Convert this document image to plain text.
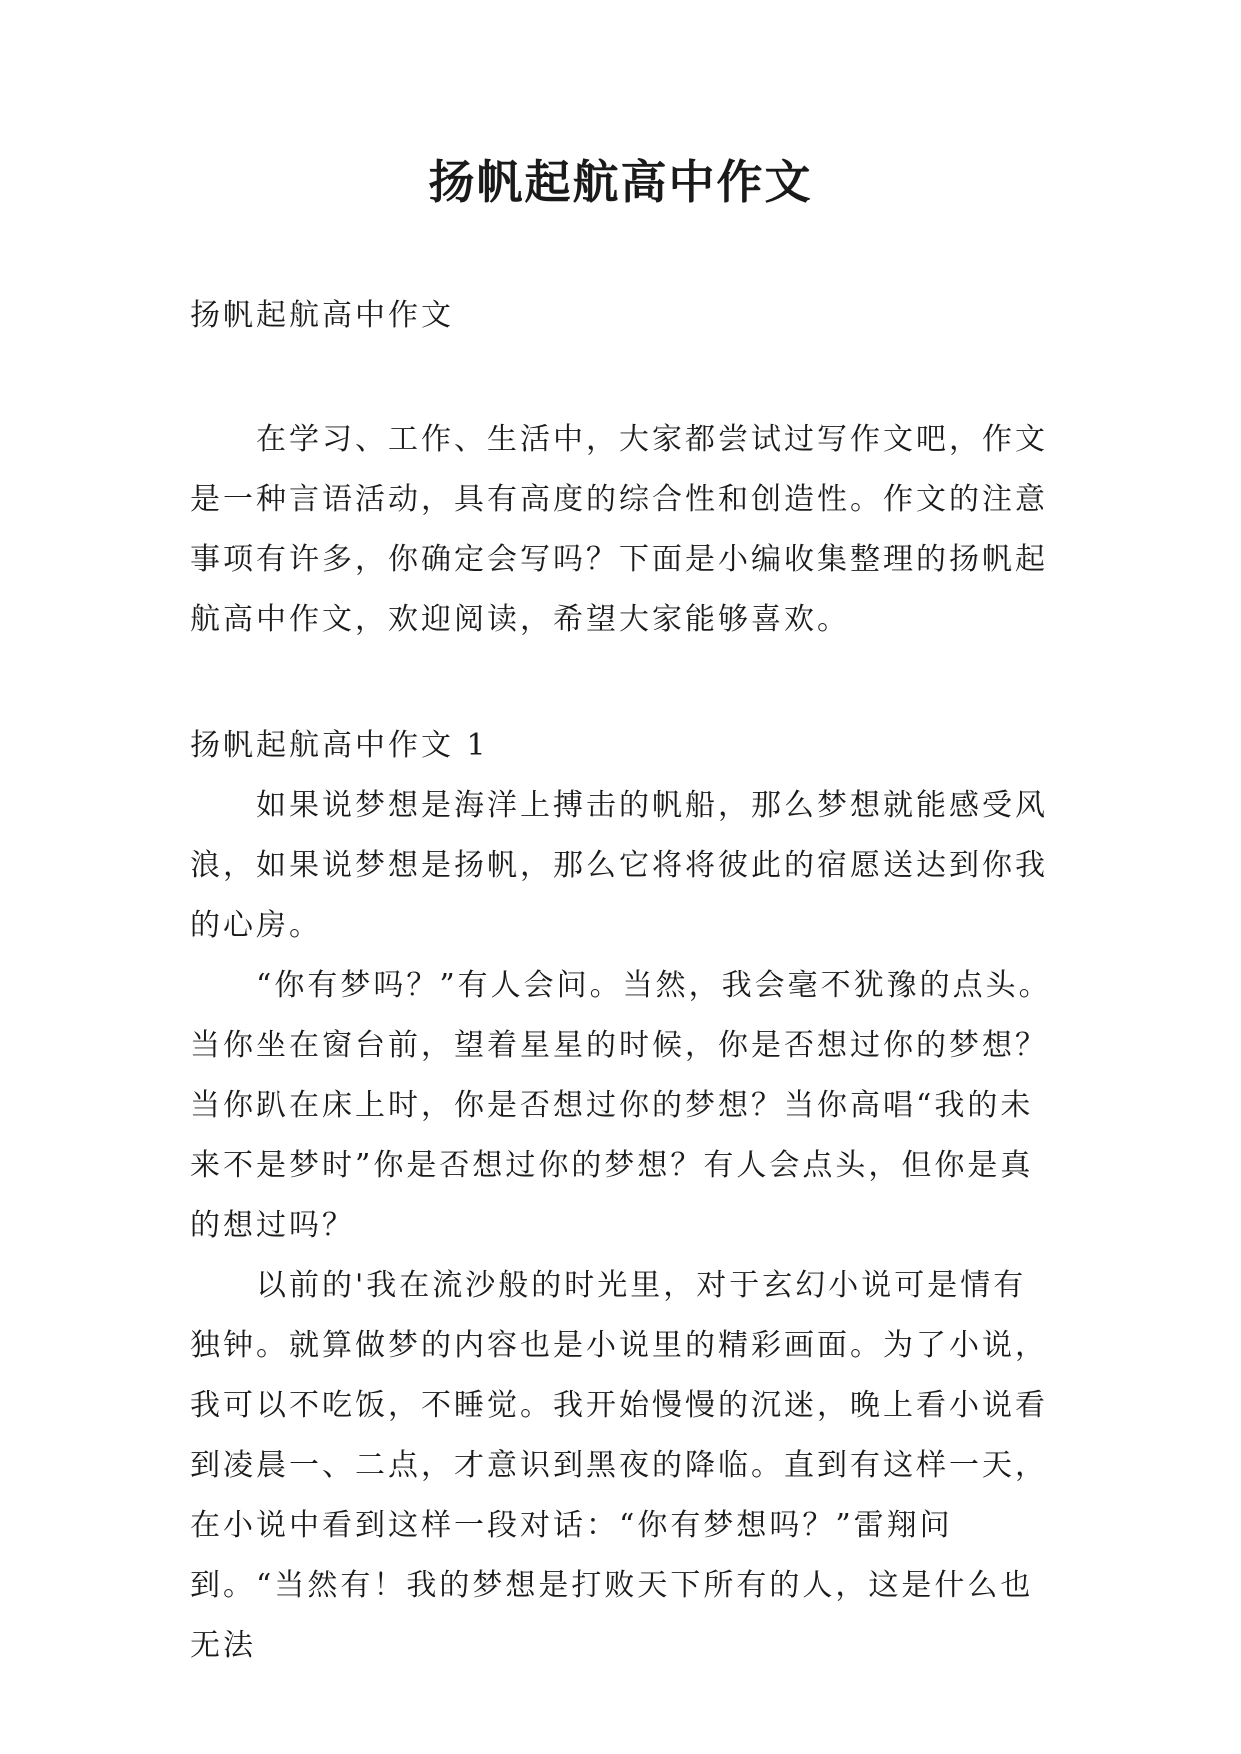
扬帆起航高中作文

扬帆起航高中作文

在学习、工作、生活中，大家都尝试过写作文吧，作文是一种言语活动，具有高度的综合性和创造性。作文的注意事项有许多，你确定会写吗？下面是小编收集整理的扬帆起航高中作文，欢迎阅读，希望大家能够喜欢。

扬帆起航高中作文 1

如果说梦想是海洋上搏击的帆船，那么梦想就能感受风浪，如果说梦想是扬帆，那么它将将彼此的宿愿送达到你我的心房。

“你有梦吗？”有人会问。当然，我会毫不犹豫的点头。当你坐在窗台前，望着星星的时候，你是否想过你的梦想？当你趴在床上时，你是否想过你的梦想？当你高唱“我的未来不是梦时”你是否想过你的梦想？有人会点头，但你是真的想过吗？

以前的'我在流沙般的时光里，对于玄幻小说可是情有独钟。就算做梦的内容也是小说里的精彩画面。为了小说，我可以不吃饭，不睡觉。我开始慢慢的沉迷，晚上看小说看到凌晨一、二点，才意识到黑夜的降临。直到有这样一天，在小说中看到这样一段对话：“你有梦想吗？”雷翔问到。“当然有！我的梦想是打败天下所有的人，这是什么也无法
